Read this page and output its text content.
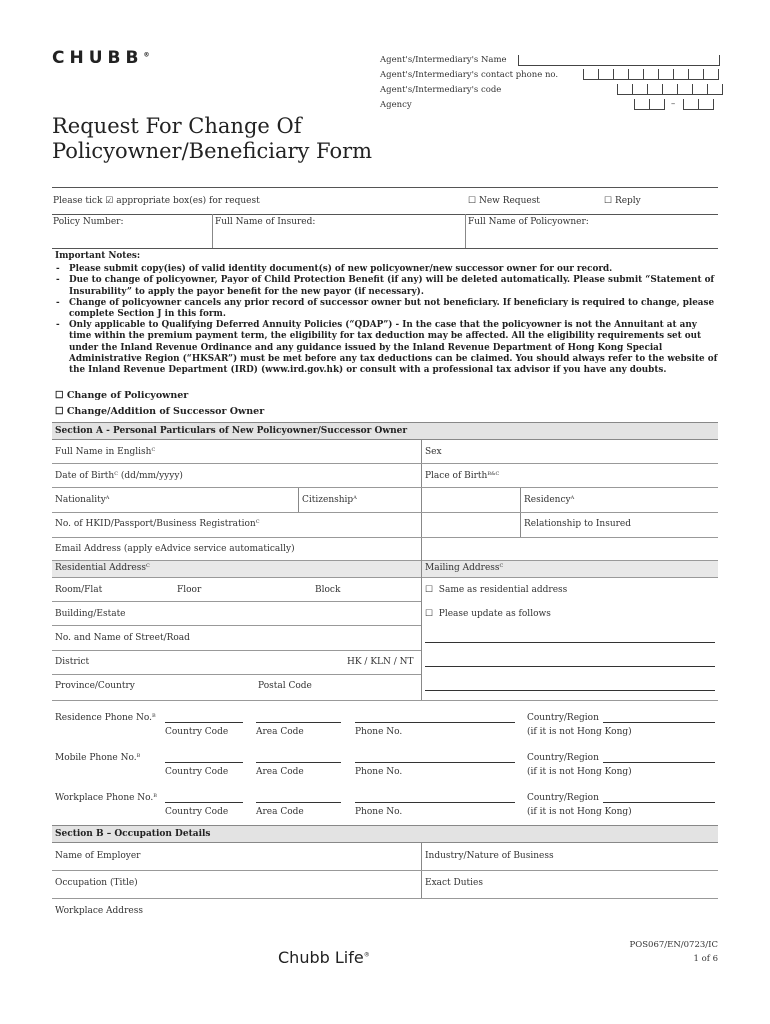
CHUBB®
Agent's/Intermediary's Name
Agent's/Intermediary's contact phone no.
Agent's/Intermediary's code
Agency	–
Request For Change Of
Policyowner/Beneficiary Form
Please tick ☑ appropriate box(es) for request	☐ New Request	☐ Reply
Policy Number:	Full Name of Insured:	Full Name of Policyowner:
Important Notes:
- Please submit copy(ies) of valid identity document(s) of new policyowner/new successor owner for our record.
- Due to change of policyowner, Payor of Child Protection Benefit (if any) will be deleted automatically. Please submit “Statement of Insurability” to apply the payor benefit for the new payor (if necessary).
- Change of policyowner cancels any prior record of successor owner but not beneficiary. If beneficiary is required to change, please complete Section J in this form.
- Only applicable to Qualifying Deferred Annuity Policies (“QDAP”) - In the case that the policyowner is not the Annuitant at any time within the premium payment term, the eligibility for tax deduction may be affected. All the eligibility requirements set out under the Inland Revenue Ordinance and any guidance issued by the Inland Revenue Department of Hong Kong Special Administrative Region (“HKSAR”) must be met before any tax deductions can be claimed. You should always refer to the website of the Inland Revenue Department (IRD) (www.ird.gov.hk) or consult with a professional tax advisor if you have any doubts.
☐ Change of Policyowner
☐ Change/Addition of Successor Owner
Section A - Personal Particulars of New Policyowner/Successor Owner
Full Name in English$^C$	Sex
Date of Birth$^C$ (dd/mm/yyyy)	Place of Birth$^{B\&C}$
Nationality$^A$	Citizenship$^A$	Residency$^A$
No. of HKID/Passport/Business Registration$^C$	Relationship to Insured
Email Address (apply eAdvice service automatically)
Residential Address$^C$	Mailing Address$^C$
Room/Flat	Floor	Block	☐  Same as residential address
Building/Estate	☐  Please update as follows
No. and Name of Street/Road
District	HK / KLN / NT
Province/Country	Postal Code
Residence Phone No.$^B$	Country/Region
Country Code	Area Code	Phone No.	(if it is not Hong Kong)
Mobile Phone No.$^B$	Country/Region
Country Code	Area Code	Phone No.	(if it is not Hong Kong)
Workplace Phone No.$^B$	Country/Region
Country Code	Area Code	Phone No.	(if it is not Hong Kong)
Section B – Occupation Details
Name of Employer	Industry/Nature of Business
Occupation (Title)	Exact Duties
Workplace Address
Chubb Life®
POS067/EN/0723/IC
1 of 6
